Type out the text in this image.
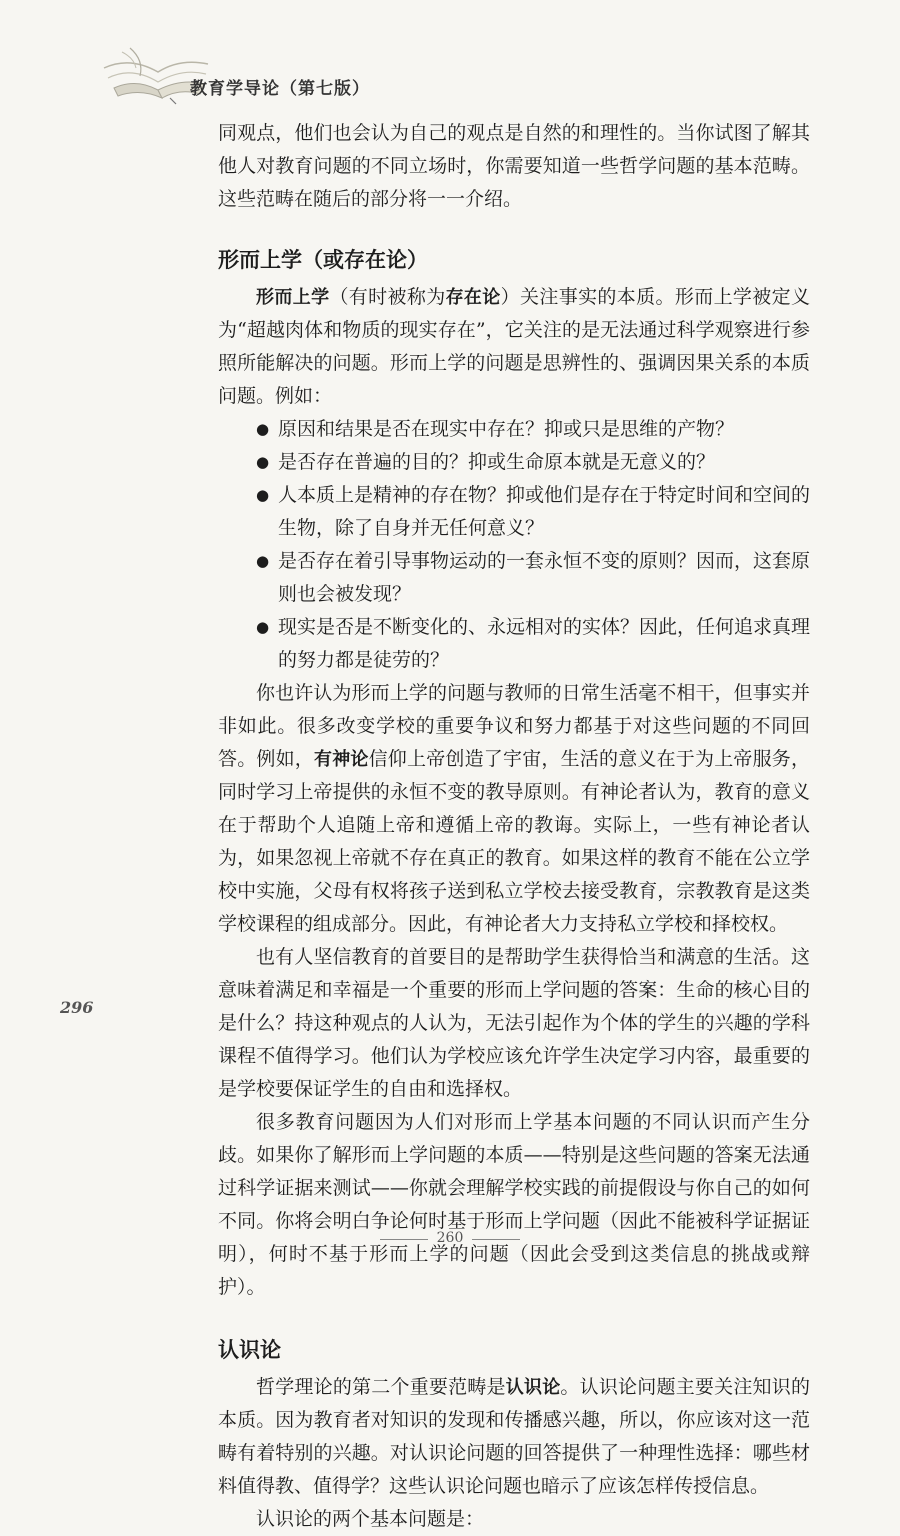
教育学导论（第七版）

同观点，他们也会认为自己的观点是自然的和理性的。当你试图了解其他人对教育问题的不同立场时，你需要知道一些哲学问题的基本范畴。这些范畴在随后的部分将一一介绍。

形而上学（或存在论）

形而上学（有时被称为存在论）关注事实的本质。形而上学被定义为“超越肉体和物质的现实存在”，它关注的是无法通过科学观察进行参照所能解决的问题。形而上学的问题是思辨性的、强调因果关系的本质问题。例如：

● 原因和结果是否在现实中存在？抑或只是思维的产物？
● 是否存在普遍的目的？抑或生命原本就是无意义的？
● 人本质上是精神的存在物？抑或他们是存在于特定时间和空间的生物，除了自身并无任何意义？
● 是否存在着引导事物运动的一套永恒不变的原则？因而，这套原则也会被发现？
● 现实是否是不断变化的、永远相对的实体？因此，任何追求真理的努力都是徒劳的？

你也许认为形而上学的问题与教师的日常生活毫不相干，但事实并非如此。很多改变学校的重要争议和努力都基于对这些问题的不同回答。例如，有神论信仰上帝创造了宇宙，生活的意义在于为上帝服务，同时学习上帝提供的永恒不变的教导原则。有神论者认为，教育的意义在于帮助个人追随上帝和遵循上帝的教诲。实际上，一些有神论者认为，如果忽视上帝就不存在真正的教育。如果这样的教育不能在公立学校中实施，父母有权将孩子送到私立学校去接受教育，宗教教育是这类学校课程的组成部分。因此，有神论者大力支持私立学校和择校权。

也有人坚信教育的首要目的是帮助学生获得恰当和满意的生活。这意味着满足和幸福是一个重要的形而上学问题的答案：生命的核心目的是什么？持这种观点的人认为，无法引起作为个体的学生的兴趣的学科课程不值得学习。他们认为学校应该允许学生决定学习内容，最重要的是学校要保证学生的自由和选择权。

很多教育问题因为人们对形而上学基本问题的不同认识而产生分歧。如果你了解形而上学问题的本质——特别是这些问题的答案无法通过科学证据来测试——你就会理解学校实践的前提假设与你自己的如何不同。你将会明白争论何时基于形而上学问题（因此不能被科学证据证明），何时不基于形而上学的问题（因此会受到这类信息的挑战或辩护）。

认识论

哲学理论的第二个重要范畴是认识论。认识论问题主要关注知识的本质。因为教育者对知识的发现和传播感兴趣，所以，你应该对这一范畴有着特别的兴趣。对认识论问题的回答提供了一种理性选择：哪些材料值得教、值得学？这些认识论问题也暗示了应该怎样传授信息。

认识论的两个基本问题是：

296
260
